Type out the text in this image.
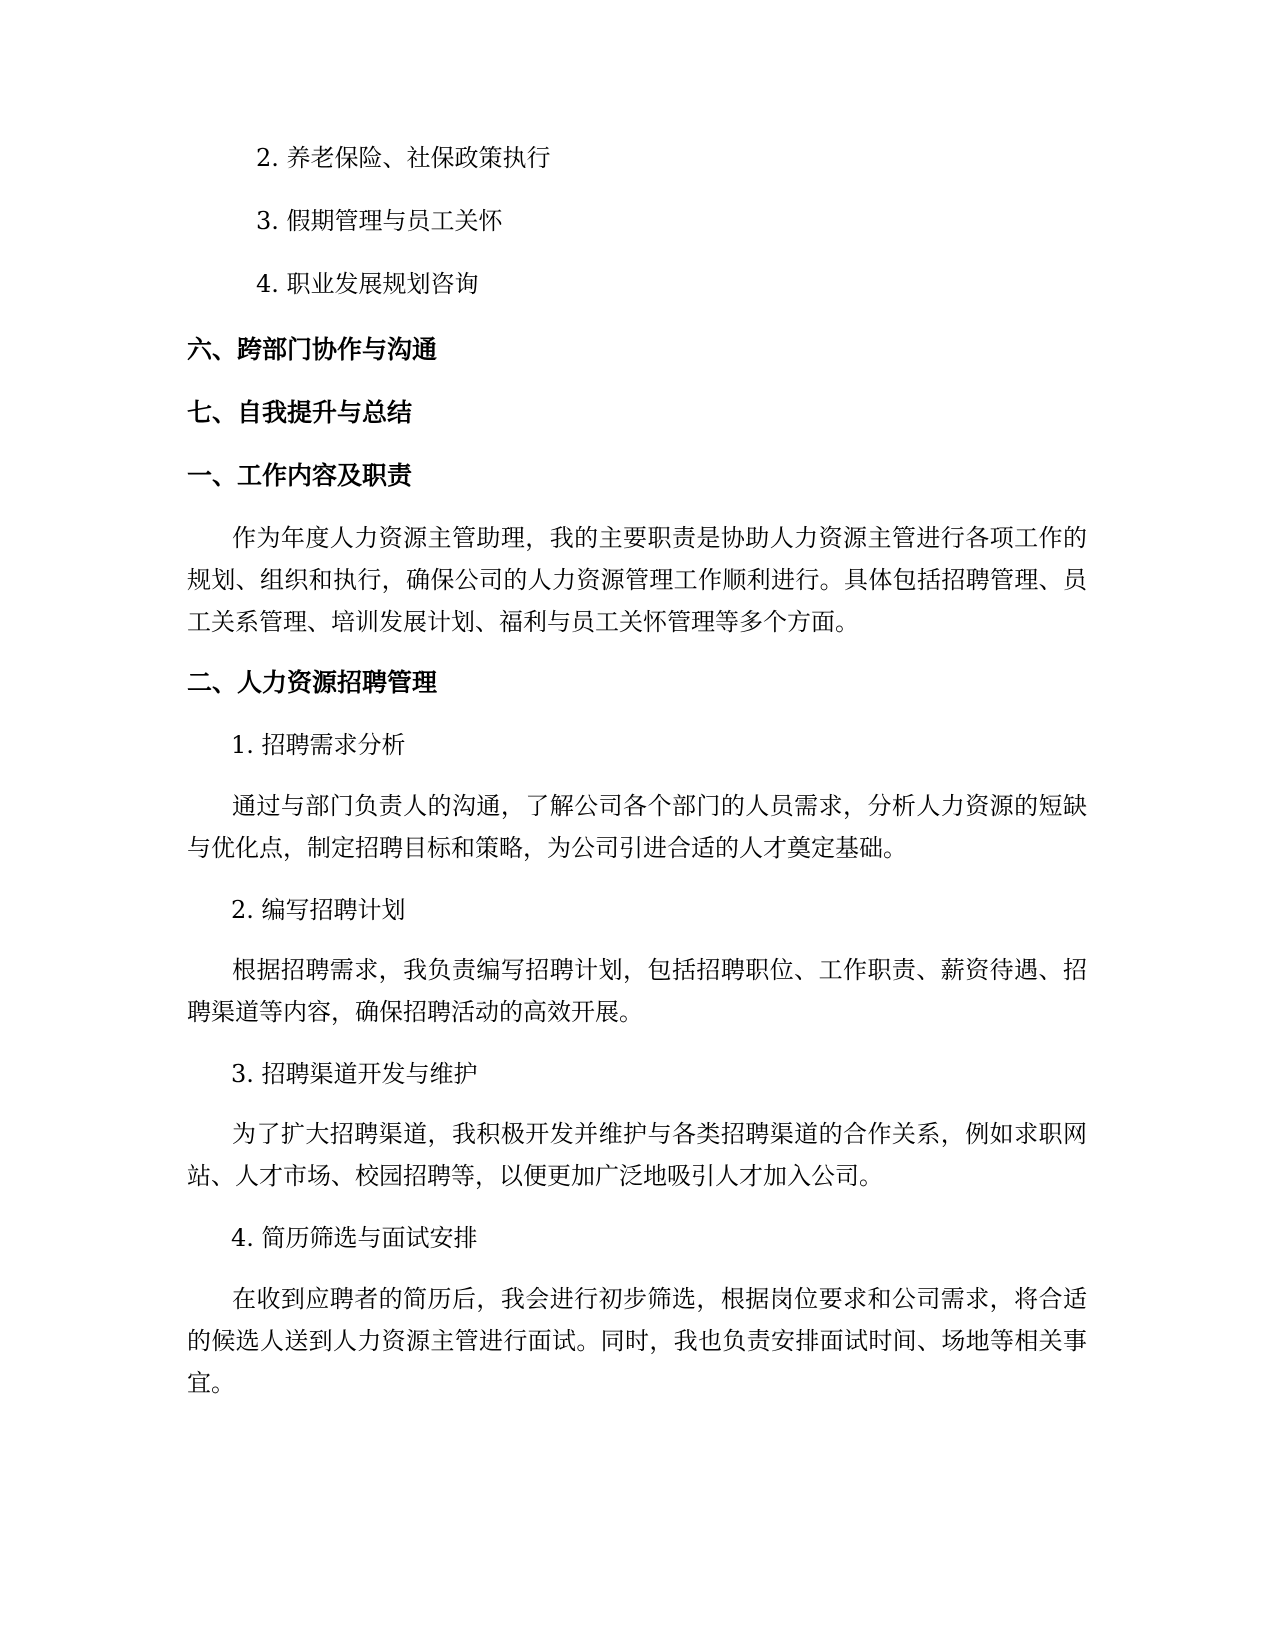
2. 养老保险、社保政策执行

3. 假期管理与员工关怀

4. 职业发展规划咨询

六、跨部门协作与沟通
七、自我提升与总结
一、工作内容及职责

作为年度人力资源主管助理，我的主要职责是协助人力资源主管进行各项工作的规划、组织和执行，确保公司的人力资源管理工作顺利进行。具体包括招聘管理、员工关系管理、培训发展计划、福利与员工关怀管理等多个方面。

二、人力资源招聘管理

1. 招聘需求分析

通过与部门负责人的沟通，了解公司各个部门的人员需求，分析人力资源的短缺与优化点，制定招聘目标和策略，为公司引进合适的人才奠定基础。

2. 编写招聘计划

根据招聘需求，我负责编写招聘计划，包括招聘职位、工作职责、薪资待遇、招聘渠道等内容，确保招聘活动的高效开展。

3. 招聘渠道开发与维护

为了扩大招聘渠道，我积极开发并维护与各类招聘渠道的合作关系，例如求职网站、人才市场、校园招聘等，以便更加广泛地吸引人才加入公司。

4. 简历筛选与面试安排

在收到应聘者的简历后，我会进行初步筛选，根据岗位要求和公司需求，将合适的候选人送到人力资源主管进行面试。同时，我也负责安排面试时间、场地等相关事宜。
